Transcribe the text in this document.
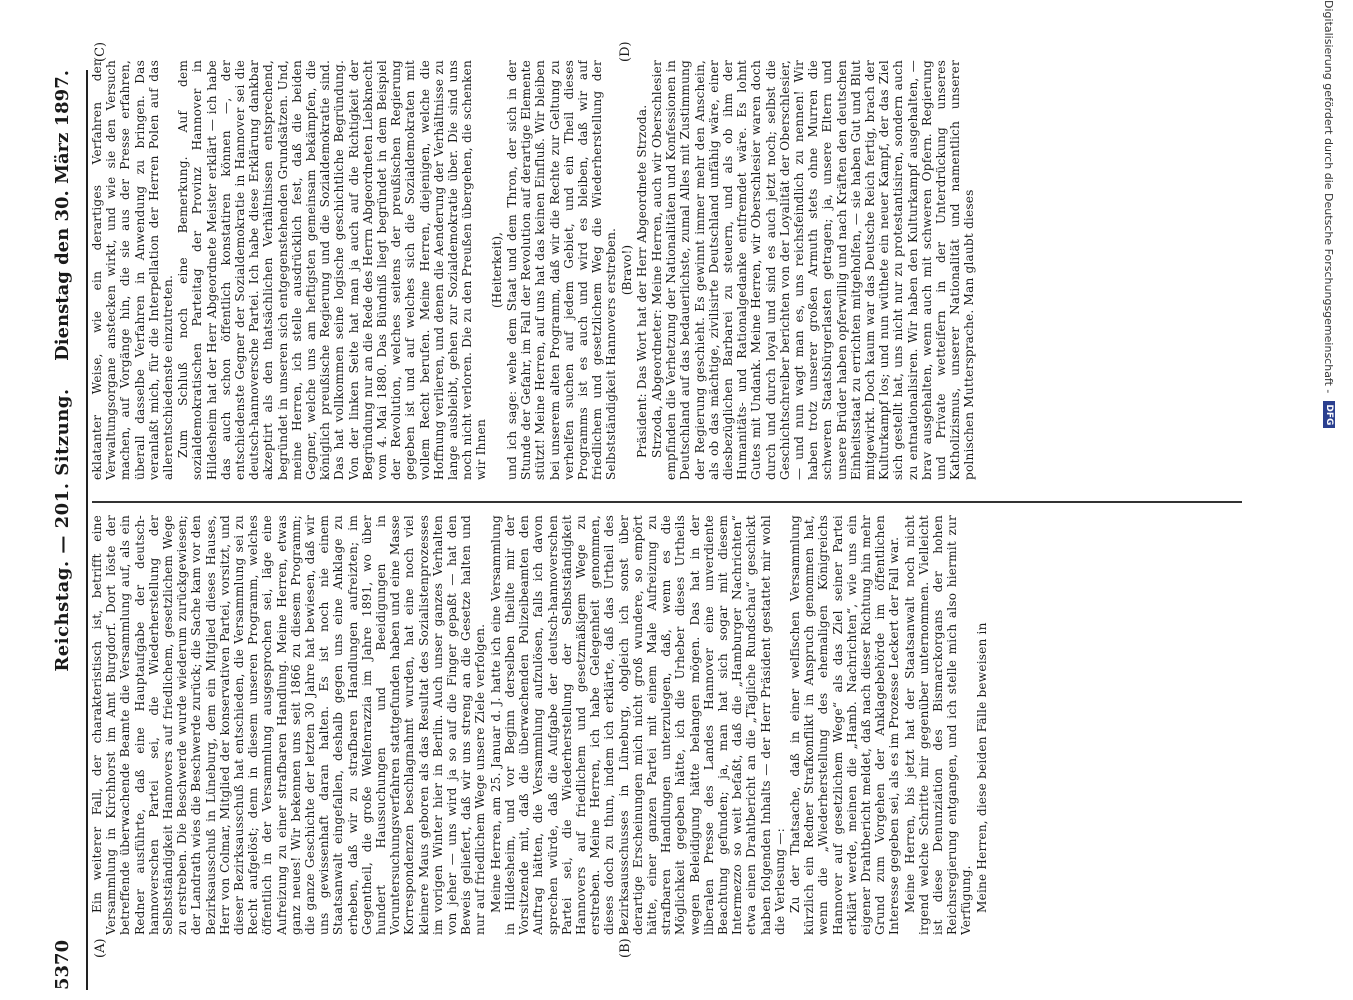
5370
Reichstag. — 201. Sitzung.
Dienstag den 30. März 1897.
(A)	(B)
(C)	(D)

Ein weiterer Fall, der charakteristisch ist, betrifft eine Versammlung in Kirchhorst im Amt Burgdorf. Dort löste der betreffende überwachende Beamte die Versammlung auf, als ein Redner ausführte, daß eine Hauptaufgabe der deutsch-hannoverschen Partei sei, die Wiederherstellung der Selbstständigkeit Hannovers auf friedlichem, gesetzlichem Wege zu erstreben. Die Beschwerde wurde wiederum zurückgewiesen; der Landrath wies die Beschwerde zurück; die Sache kam vor den Bezirksausschuß in Lüneburg, dem ein Mitglied dieses Hauses, Herr von Colmar, Mitglied der konservativen Partei, vorsitzt, und dieser Bezirksausschuß hat entschieden, die Versammlung sei zu Recht aufgelöst; denn in diesem unseren Programm, welches öffentlich in der Versammlung ausgesprochen sei, läge eine Aufreizung zu einer strafbaren Handlung. Meine Herren, etwas ganz neues! Wir bekennen uns seit 1866 zu diesem Programm; die ganze Geschichte der letzten 30 Jahre hat bewiesen, daß wir uns gewissenhaft daran halten. Es ist noch nie einem Staatsanwalt eingefallen, deshalb gegen uns eine Anklage zu erheben, daß wir zu strafbaren Handlungen aufreizten; im Gegentheil, die große Welfenrazzia im Jahre 1891, wo über hundert Haussuchungen und Beeidigungen in Voruntersuchungsverfahren stattgefunden haben und eine Masse Korrespondenzen beschlagnahmt wurden, hat eine noch viel kleinere Maus geboren als das Resultat des Sozialistenprozesses im vorigen Winter hier in Berlin. Auch unser ganzes Verhalten von jeher — uns wird ja so auf die Finger gepaßt — hat den Beweis geliefert, daß wir uns streng an die Gesetze halten und nur auf friedlichem Wege unsere Ziele verfolgen. Meine Herren, am 25. Januar d. J. hatte ich eine Versammlung in Hildesheim, und vor Beginn derselben theilte mir der Vorsitzende mit, daß die überwachenden Polizeibeamten den Auftrag hätten, die Versammlung aufzulösen, falls ich davon sprechen würde, daß die Aufgabe der deutsch-hannoverschen Partei sei, die Wiederherstellung der Selbstständigkeit Hannovers auf friedlichem und gesetzmäßigem Wege zu erstreben. Meine Herren, ich habe Gelegenheit genommen, dieses doch zu thun, indem ich erklärte, daß das Urtheil des Bezirksausschusses in Lüneburg, obgleich ich sonst über derartige Erscheinungen mich nicht groß wundere, so empört hätte, einer ganzen Partei mit einem Male Aufreizung zu strafbaren Handlungen unterzulegen, daß, wenn es die Möglichkeit gegeben hätte, ich die Urheber dieses Urtheils wegen Beleidigung hätte belangen mögen. Das hat in der liberalen Presse des Landes Hannover eine unverdiente Beachtung gefunden; ja, man hat sich sogar mit diesem Intermezzo so weit befaßt, daß die „Hamburger Nachrichten“ etwa einen Drahtbericht an die „Tägliche Rundschau“ geschickt haben folgenden Inhalts — der Herr Präsident gestattet mir wohl die Verlesung —: Zu der Thatsache, daß in einer welfischen Versammlung kürzlich ein Redner Strafkonflikt in Anspruch genommen hat, wenn die „Wiederherstellung des ehemaligen Königreichs Hannover auf gesetzlichem Wege“ als das Ziel seiner Partei erklärt werde, meinen die „Hamb. Nachrichten“, wie uns ein eigener Drahtbericht meldet, daß nach dieser Richtung hin mehr Grund zum Vorgehen der Anklagebehörde im öffentlichen Interesse gegeben sei, als es im Prozesse Leckert der Fall war. Meine Herren, bis jetzt hat der Staatsanwalt noch nicht irgend welche Schritte mir gegenüber unternommen. Vielleicht ist diese Denunziation des Bismarckorgans der hohen Reichsregierung entgangen, und ich stelle mich also hiermit zur Verfügung. Meine Herren, diese beiden Fälle beweisen in

eklatanter Weise, wie ein derartiges Verfahren der Verwaltungsorgane anstecken wirkt, und wie sie den Versuch machen, auf Vorgänge hin, die sie aus der Presse erfahren, überall dasselbe Verfahren in Anwendung zu bringen. Das veranlaßt mich, für die Interpellation der Herren Polen auf das allerentschiedenste einzutreten. Zum Schluß noch eine Bemerkung. Auf dem sozialdemokratischen Parteitag der Provinz Hannover in Hildesheim hat der Herr Abgeordnete Meister erklärt — ich habe das auch schon öffentlich konstatiren können —, der entschiedenste Gegner der Sozialdemokratie in Hannover sei die deutsch-hannoversche Partei. Ich habe diese Erklärung dankbar akzeptirt als den thatsächlichen Verhältnissen entsprechend, begründet in unseren sich entgegenstehenden Grundsätzen. Und, meine Herren, ich stelle ausdrücklich fest, daß die beiden Gegner, welche uns am heftigsten gemeinsam bekämpfen, die königlich preußische Regierung und die Sozialdemokratie sind. Das hat vollkommen seine logische geschichtliche Begründung. Von der linken Seite hat man ja auch auf die Richtigkeit der Begründung nur an die Rede des Herrn Abgeordneten Liebknecht vom 4. Mai 1880. Das Bündniß liegt begründet in dem Beispiel der Revolution, welches seitens der preußischen Regierung gegeben ist und auf welches sich die Sozialdemokraten mit vollem Recht berufen. Meine Herren, diejenigen, welche die Hoffnung verlieren, und denen die Aenderung der Verhältnisse zu lange ausbleibt, gehen zur Sozialdemokratie über. Die sind uns noch nicht verloren. Die zu den Preußen übergehen, die schenken wir Ihnen

(Heiterkeit), und ich sage: wehe dem Staat und dem Thron, der sich in der Stunde der Gefahr, im Fall der Revolution auf derartige Elemente stützt! Meine Herren, auf uns hat das keinen Einfluß. Wir bleiben bei unserem alten Programm, daß wir die Rechte zur Geltung zu verhelfen suchen auf jedem Gebiet, und ein Theil dieses Programms ist es auch und wird es bleiben, daß wir auf friedlichem und gesetzlichem Weg die Wiederherstellung der Selbstständigkeit Hannovers erstreben. (Bravo!) Präsident: Das Wort hat der Herr Abgeordnete Strzoda. Strzoda, Abgeordneter: Meine Herren, auch wir Oberschlesier empfinden die Verhetzung der Nationalitäten und Konfessionen in Deutschland auf das bedauerlichste, zumal Alles mit Zustimmung der Regierung geschieht. Es gewinnt immer mehr den Anschein, als ob das mächtige, zivilisirte Deutschland unfähig wäre, einer diesbezüglichen Barbarei zu steuern, und als ob ihm der Humanitäts- und Rationalgedanke entfremdet wäre. Es lohnt Gutes mit Undank. Meine Herren, wir Oberschlesier waren doch durch und durch loyal und sind es auch jetzt noch; selbst die Geschichtschreiber berichten von der Loyalität der Oberschlesier, — und nun wagt man es, uns reichsfeindlich zu nennen! Wir haben trotz unserer großen Armuth stets ohne Murren die schweren Staatsbürgerlasten getragen; ja, unsere Eltern und unsere Brüder haben opferwillig und nach Kräften den deutschen Einheitsstaat zu errichten mitgeholfen, — sie haben Gut und Blut mitgewirkt. Doch kaum war das Deutsche Reich fertig, brach der Kulturkampf los; und nun wüthete ein neuer Kampf, der das Ziel sich gestellt hat, uns nicht nur zu protestantisiren, sondern auch zu entnationalisiren. Wir haben den Kulturkampf ausgehalten, — brav ausgehalten, wenn auch mit schweren Opfern. Regierung und Private wetteifern in der Unterdrückung unseres Katholizismus, unserer Nationalität und namentlich unserer polnischen Muttersprache. Man glaubt dieses	Digitalisierung gefördert durch die Deutsche Forschungsgemeinschaft -
DFG
